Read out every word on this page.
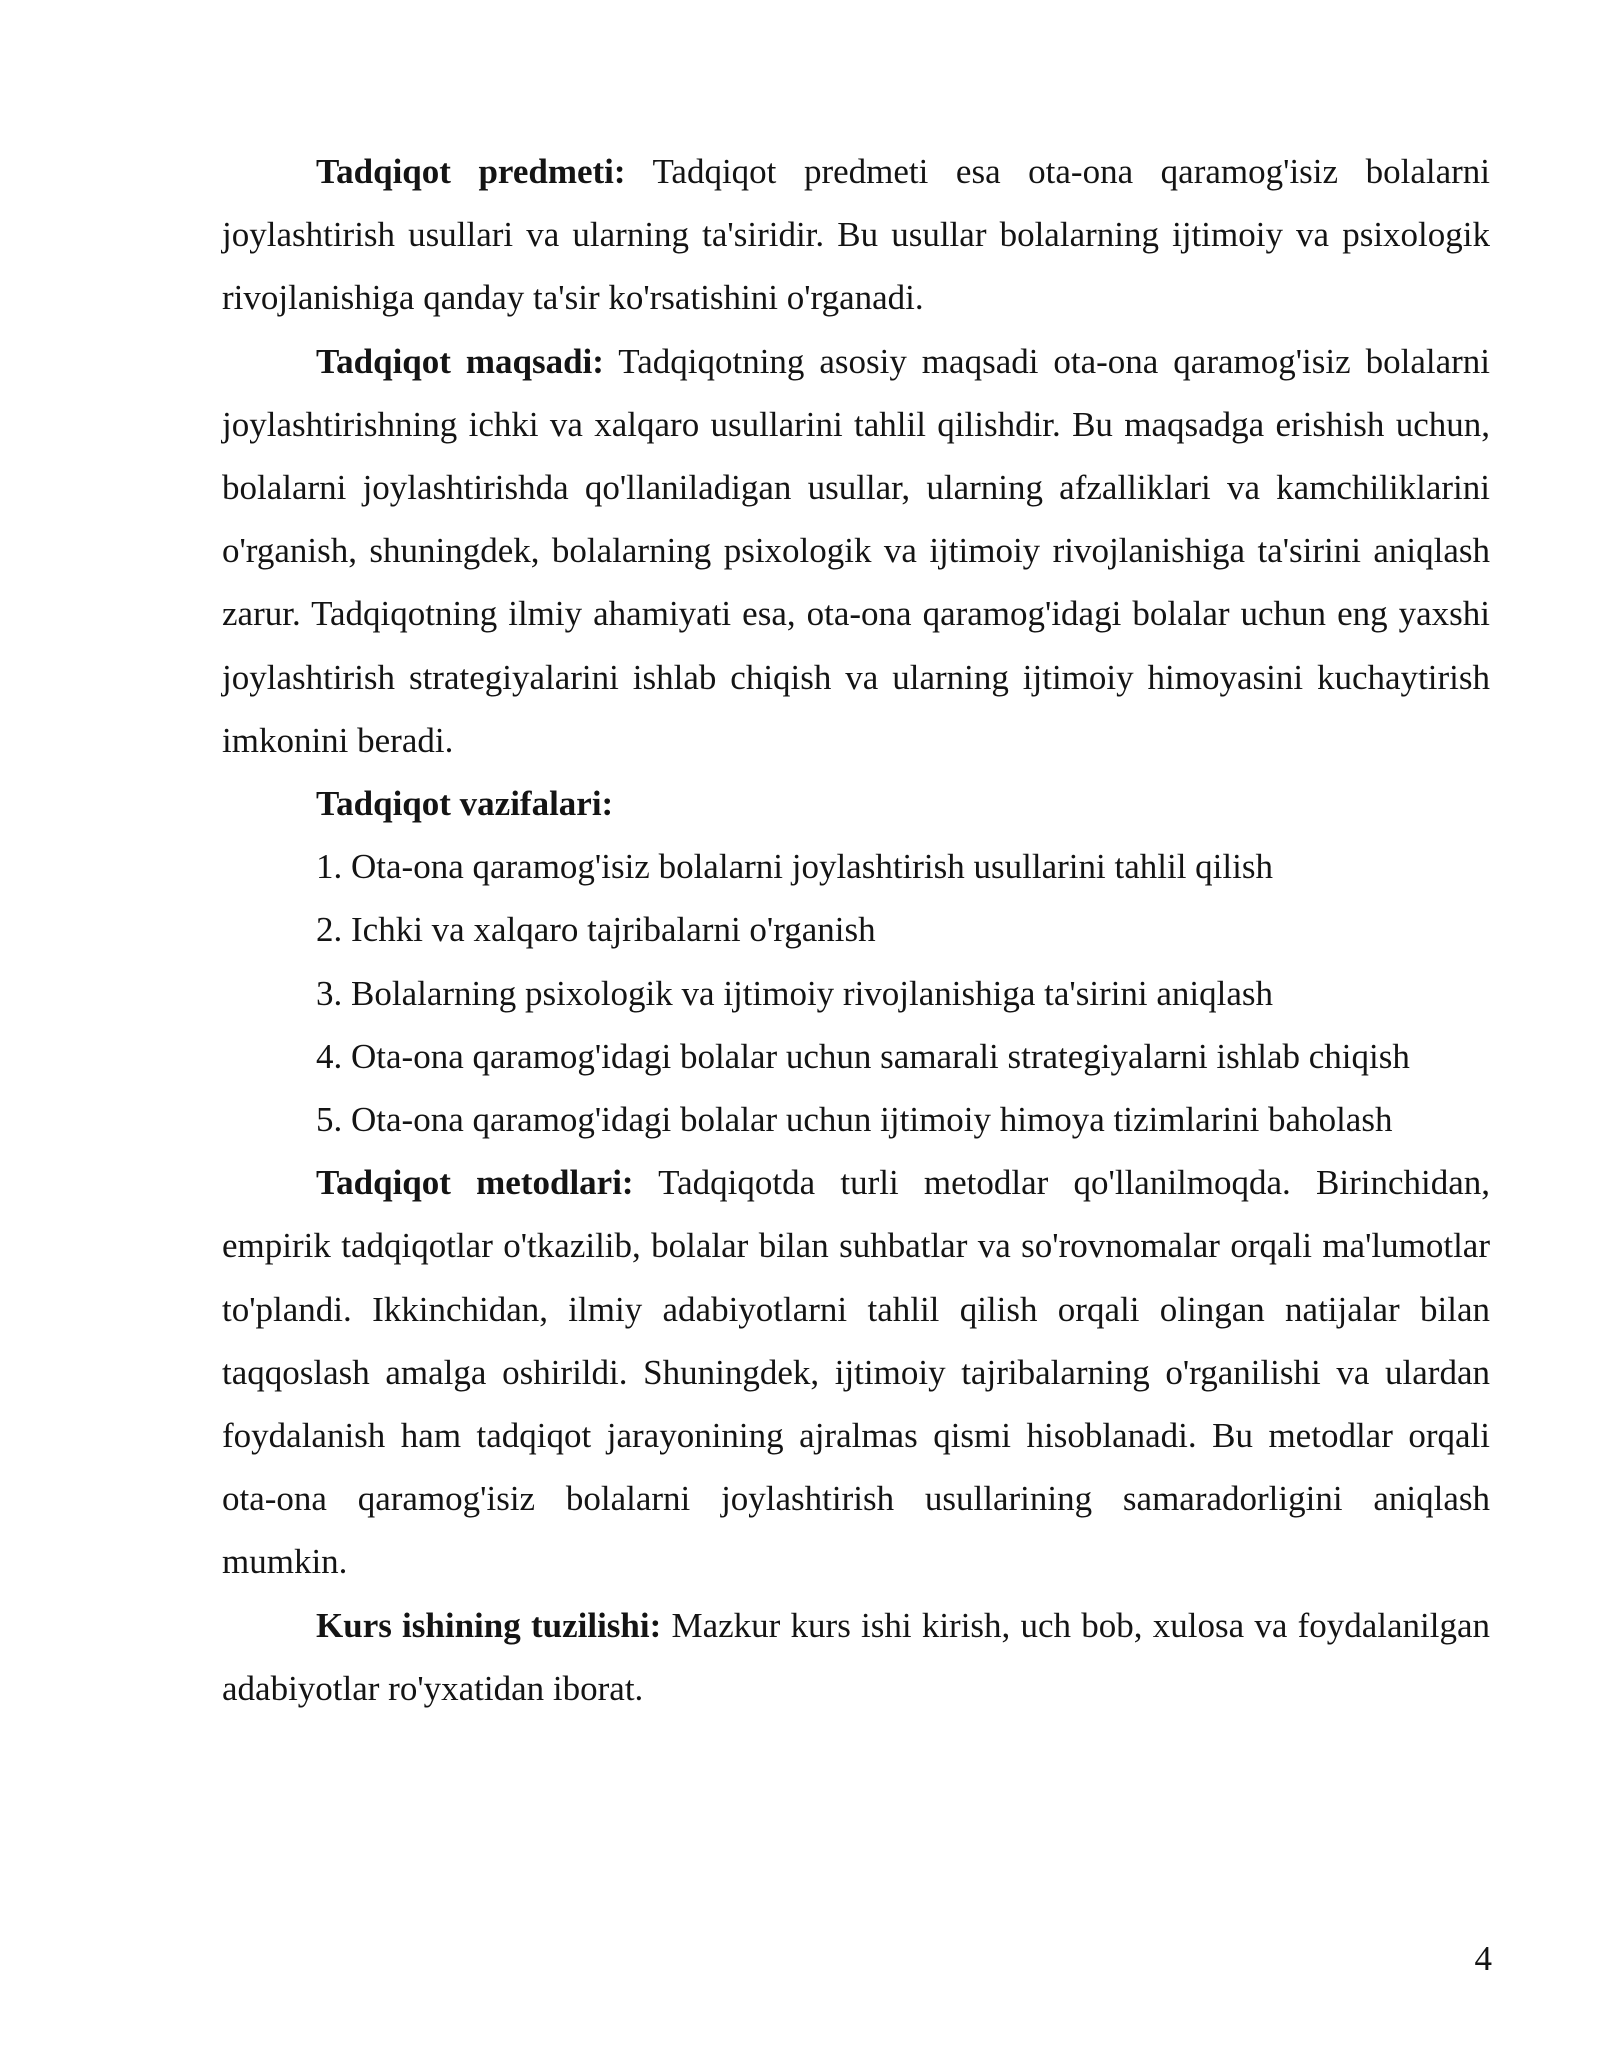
Tadqiqot predmeti: Tadqiqot predmeti esa ota-ona qaramog'isiz bolalarni joylashtirish usullari va ularning ta'siridir. Bu usullar bolalarning ijtimoiy va psixologik rivojlanishiga qanday ta'sir ko'rsatishini o'rganadi.

Tadqiqot maqsadi: Tadqiqotning asosiy maqsadi ota-ona qaramog'isiz bolalarni joylashtirishning ichki va xalqaro usullarini tahlil qilishdir. Bu maqsadga erishish uchun, bolalarni joylashtirishda qo'llaniladigan usullar, ularning afzalliklari va kamchiliklarini o'rganish, shuningdek, bolalarning psixologik va ijtimoiy rivojlanishiga ta'sirini aniqlash zarur. Tadqiqotning ilmiy ahamiyati esa, ota-ona qaramog'idagi bolalar uchun eng yaxshi joylashtirish strategiyalarini ishlab chiqish va ularning ijtimoiy himoyasini kuchaytirish imkonini beradi.

Tadqiqot vazifalari:

1. Ota-ona qaramog'isiz bolalarni joylashtirish usullarini tahlil qilish

2. Ichki va xalqaro tajribalarni o'rganish

3. Bolalarning psixologik va ijtimoiy rivojlanishiga ta'sirini aniqlash

4. Ota-ona qaramog'idagi bolalar uchun samarali strategiyalarni ishlab chiqish

5. Ota-ona qaramog'idagi bolalar uchun ijtimoiy himoya tizimlarini baholash

Tadqiqot metodlari: Tadqiqotda turli metodlar qo'llanilmoqda. Birinchidan, empirik tadqiqotlar o'tkazilib, bolalar bilan suhbatlar va so'rovnomalar orqali ma'lumotlar to'plandi. Ikkinchidan, ilmiy adabiyotlarni tahlil qilish orqali olingan natijalar bilan taqqoslash amalga oshirildi. Shuningdek, ijtimoiy tajribalarning o'rganilishi va ulardan foydalanish ham tadqiqot jarayonining ajralmas qismi hisoblanadi. Bu metodlar orqali ota-ona qaramog'isiz bolalarni joylashtirish usullarining samaradorligini aniqlash mumkin.

Kurs ishining tuzilishi: Mazkur kurs ishi kirish, uch bob, xulosa va foydalanilgan adabiyotlar ro'yxatidan iborat.

4
